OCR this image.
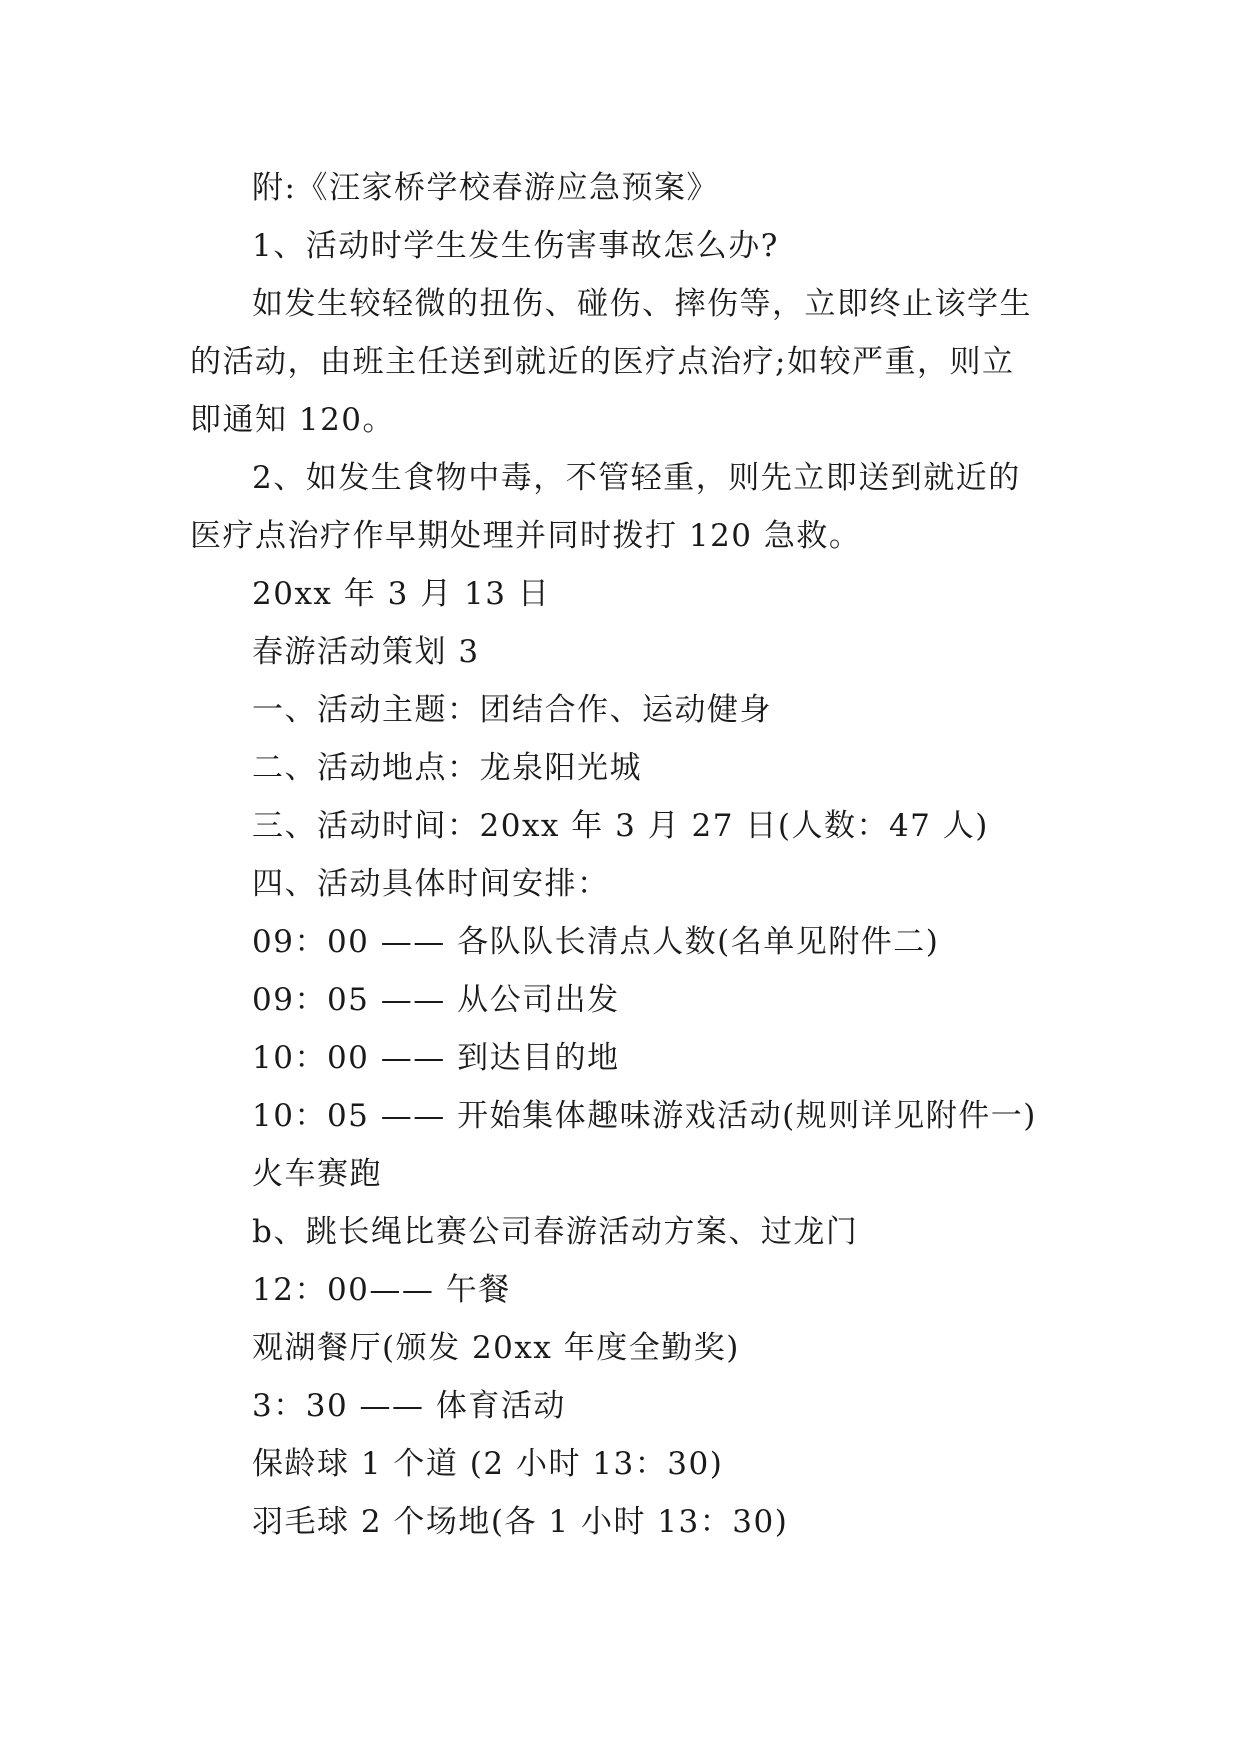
附:《汪家桥学校春游应急预案》
1、活动时学生发生伤害事故怎么办?
如发生较轻微的扭伤、碰伤、摔伤等，立即终止该学生
的活动，由班主任送到就近的医疗点治疗;如较严重，则立
即通知 120。
2、如发生食物中毒，不管轻重，则先立即送到就近的
医疗点治疗作早期处理并同时拨打 120 急救。
20xx 年 3 月 13 日
春游活动策划 3
一、活动主题：团结合作、运动健身
二、活动地点：龙泉阳光城
三、活动时间：20xx 年 3 月 27 日(人数：47 人)
四、活动具体时间安排：
09：00 —— 各队队长清点人数(名单见附件二)
09：05 —— 从公司出发
10：00 —— 到达目的地
10：05 —— 开始集体趣味游戏活动(规则详见附件一)
火车赛跑
b、跳长绳比赛公司春游活动方案、过龙门
12：00—— 午餐
观湖餐厅(颁发 20xx 年度全勤奖)
3：30 —— 体育活动
保龄球 1 个道 (2 小时 13：30)
羽毛球 2 个场地(各 1 小时 13：30)
